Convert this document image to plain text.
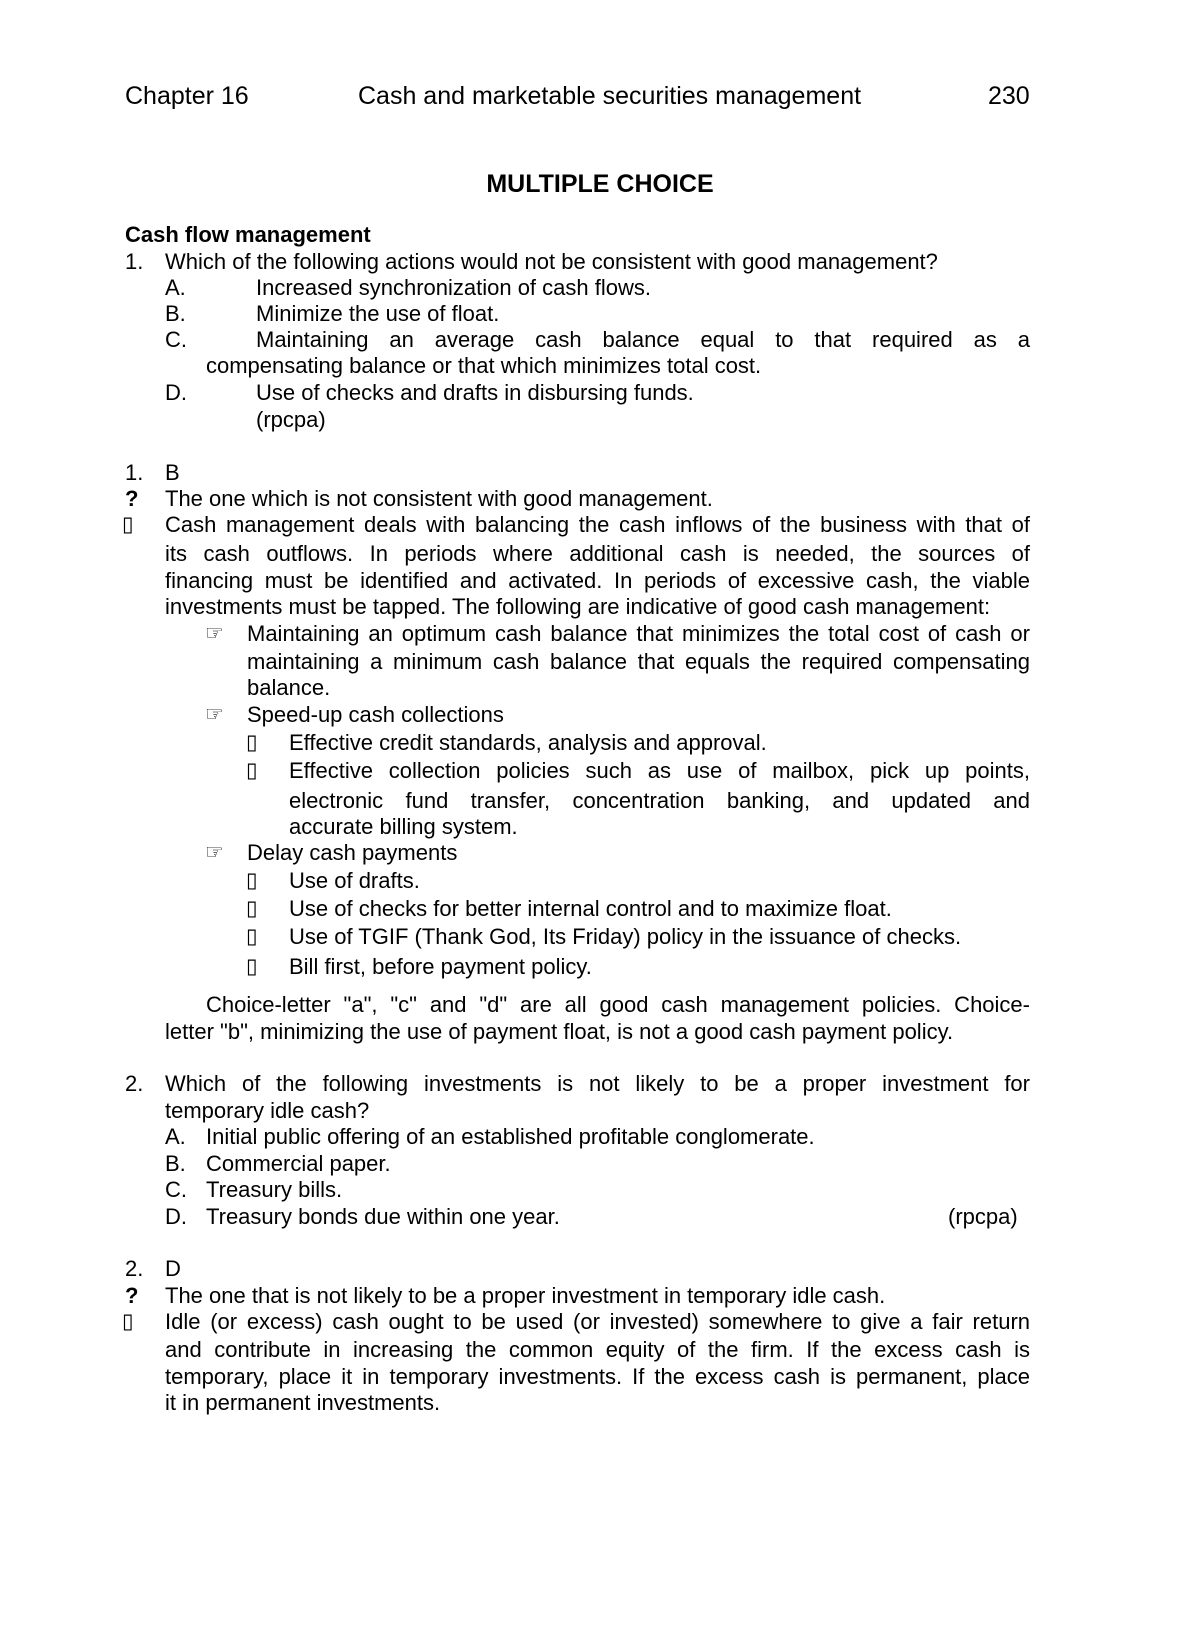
Chapter 16	Cash and marketable securities management	230
MULTIPLE CHOICE
Cash flow management
1. Which of the following actions would not be consistent with good management?
A.	Increased synchronization of cash flows.
B.	Minimize the use of float.
C.	Maintaining an average cash balance equal to that required as a
compensating balance or that which minimizes total cost.
D.	Use of checks and drafts in disbursing funds.
(rpcpa)
1. B
? The one which is not consistent with good management.
▯ Cash management deals with balancing the cash inflows of the business with that of
its cash outflows. In periods where additional cash is needed, the sources of
financing must be identified and activated. In periods of excessive cash, the viable
investments must be tapped. The following are indicative of good cash management:
☞ Maintaining an optimum cash balance that minimizes the total cost of cash or
maintaining a minimum cash balance that equals the required compensating
balance.
☞ Speed-up cash collections
▯ Effective credit standards, analysis and approval.
▯ Effective collection policies such as use of mailbox, pick up points,
electronic fund transfer, concentration banking, and updated and
accurate billing system.
☞ Delay cash payments
▯ Use of drafts.
▯ Use of checks for better internal control and to maximize float.
▯ Use of TGIF (Thank God, Its Friday) policy in the issuance of checks.
▯ Bill first, before payment policy.
Choice-letter "a", "c" and "d" are all good cash management policies. Choice-
letter "b", minimizing the use of payment float, is not a good cash payment policy.
2. Which of the following investments is not likely to be a proper investment for
temporary idle cash?
A. Initial public offering of an established profitable conglomerate.
B. Commercial paper.
C. Treasury bills.
D. Treasury bonds due within one year.	(rpcpa)
2. D
? The one that is not likely to be a proper investment in temporary idle cash.
▯ Idle (or excess) cash ought to be used (or invested) somewhere to give a fair return
and contribute in increasing the common equity of the firm. If the excess cash is
temporary, place it in temporary investments. If the excess cash is permanent, place
it in permanent investments.
